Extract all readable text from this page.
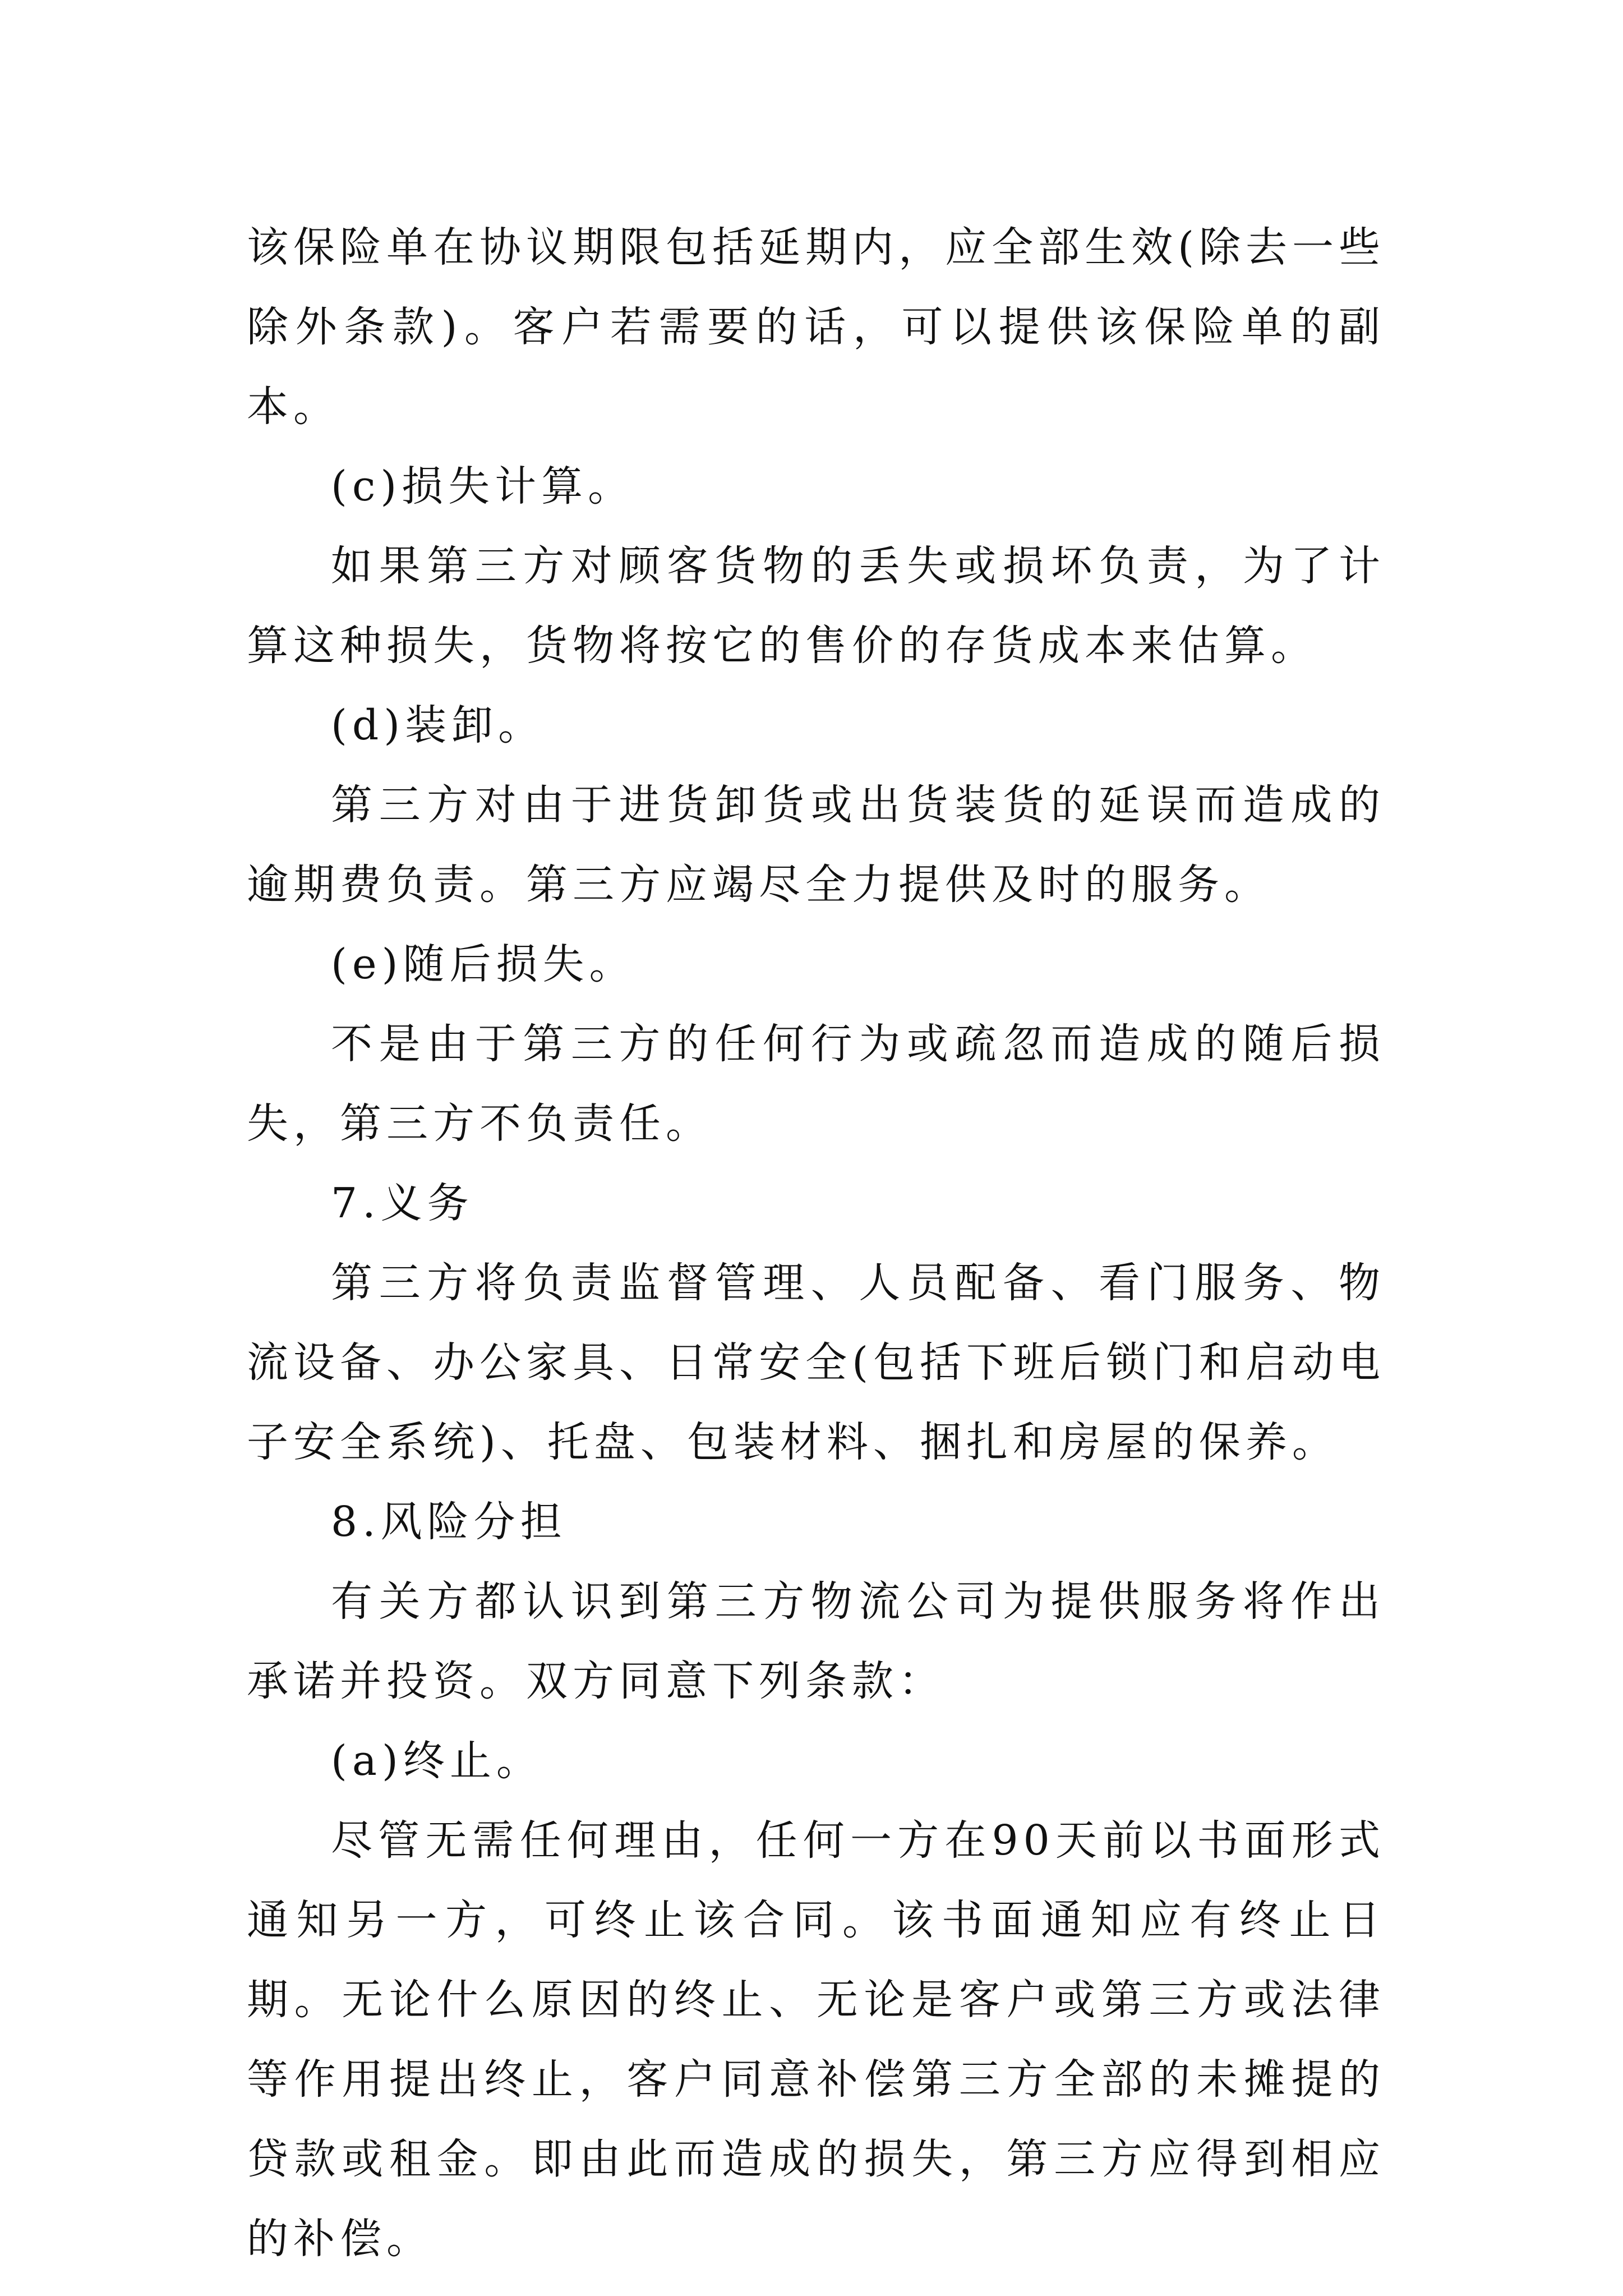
该保险单在协议期限包括延期内，应全部生效(除去一些除外条款)。客户若需要的话，可以提供该保险单的副本。

(c)损失计算。

如果第三方对顾客货物的丢失或损坏负责，为了计算这种损失，货物将按它的售价的存货成本来估算。

(d)装卸。

第三方对由于进货卸货或出货装货的延误而造成的逾期费负责。第三方应竭尽全力提供及时的服务。

(e)随后损失。

不是由于第三方的任何行为或疏忽而造成的随后损失，第三方不负责任。

7.义务

第三方将负责监督管理、人员配备、看门服务、物流设备、办公家具、日常安全(包括下班后锁门和启动电子安全系统)、托盘、包装材料、捆扎和房屋的保养。

8.风险分担

有关方都认识到第三方物流公司为提供服务将作出承诺并投资。双方同意下列条款：

(a)终止。

尽管无需任何理由，任何一方在90天前以书面形式通知另一方，可终止该合同。该书面通知应有终止日期。无论什么原因的终止、无论是客户或第三方或法律等作用提出终止，客户同意补偿第三方全部的未摊提的贷款或租金。即由此而造成的损失，第三方应得到相应的补偿。
